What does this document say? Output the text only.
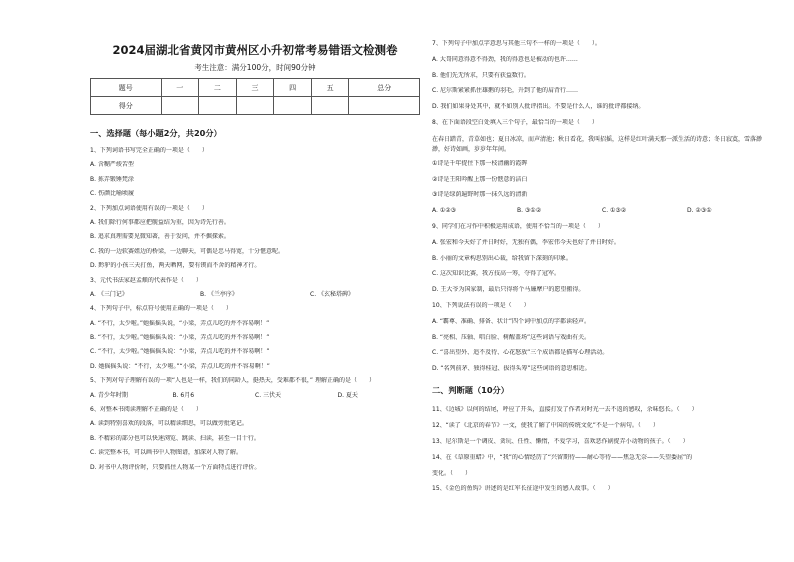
2024届湖北省黄冈市黄州区小升初常考易错语文检测卷
考生注意：满分100分，时间90分钟
题号	一	二	三	四	五	总分
得分						
一、选择题（每小题2分，共20分）
1、下列词语书写完全正确的一项是（　　）
A. 含糊严竣苦型
B. 拣弄锻锤梵涂
C. 伤颜比喻顷履
2、下列加点词语使用有误的一项是（　　）
A. 我们除行何事都应把舰益结为重，因为诗先行善。
B. 追求真理需要见微知著，善于发问，并不掘探索。
C. 我的一边软赛姐边的桥梁，一边聊天，可偶是忠马得宽，十分惬意呢。
D. 黔驴的小孩三天打鱼，两天晒网，要有锲而不舍的精神才行。
3、元代书法家赵孟頫的代表作是（　　）
A. 《三门记》	B. 《兰亭序》	C. 《玄秘塔碑》
4、下列句子中，标点符号使用正确的一项是（　　）
A. “不行，太少啦。”她摇摇头说，“小梁，弄点儿吃的并不容易啊！”
B. “不行，太少啦。”她摇摇头说：“小梁，弄点儿吃的并不容易啊！”
C. “不行，太少啦。”她摇摇头说：“小梁，弄点儿吃的并不容易啊！”
D. 她摇摇头说：“不行，太少啦。”“小梁，弄点儿吃的并不容易啊！”
5、下列对句子理解有误的一项“人也是一样，我们的同龄人，挺热天，受难都不很，” 理解正确的是（　　）
A. 青少年时期	B. 6月6	C. 三伏天	D. 夏天
6、对整本书阅读理解不正确的是（　　）
A. 读到特别喜欢的段落，可以精读细思，可以做旁批笔记。
B. 不精彩的部分也可以快速浏览、跳读、扫读，甚至一目十行。
C. 读完整本书，可以画书中人物图谱，加深对人物了解。
D. 对书中人物评价时，只要抓住人物某一个方面特点进行评价。
7、下列句子中加点字意思与其他三句不一样的一项是（　　）。
A. 大哥同意得意不得劲，我的得意也是被动的也许……
B. 他们先无所求，只要有获益数行。
C. 尼尔斯紧紧抓住雄鹅的羽毛，升到了他的肩背行……
D. 我们如果身处其中，就不如别人批评指出。不要是什么人，谁的批评都接纳。
8、在下面语段空白处填入三个句子，最恰当的一项是（　　）
在春日踏青，青草如也；夏日冰凉，而声清池；秋日看花，我叫招摇，这样是红叶满天那一派生活的诗意；冬日寂寞，雪落渺渺，好诗如画，岁岁年年间。
①诗是千年捉住下那一枝清幽的霞晖
②诗是王阳吟醒上那一份惬意的洁白
③诗是绿荫遍野时那一抹久远的清新
A. ①②③	B. ③①②	C. ①③②	D. ②③①
9、同学们在习作中积极运用成语，使用不恰当的一项是（　　）
A. 张宏和今天好了并日时好，无独有偶，李宏伟今天也好了并日时好。
B. 小丽的文章构思别出心裁，给我留下深刻的印象。
C. 这次知识比赛，我方技高一筹，夺得了冠军。
D. 王大爷为国家制，最后只得将个马廉摩户的愿望搬得。
10、下列说法有误的一项是（　　）
A. “霸尊、准确、排备、状计”四个词中加点的字都读轻声。
B. “亮相、压轴、唱白脸、树醒盖场”这些词语与戏曲有关。
C. “喜出望外、追不及待、心花怒放”三个成语都是描写心理活动。
D. “名列前茅、独得桂冠、拔得头筹”这些词语的意思相近。
二、判断题（10分）
11、《边城》以何的结尾，呼应了开头，直接打发了作者对时光一去不返的感叹，余味悠长。（　　）
12、“读了《北京的春节》一文，使我了解了中国的传统文化”不是一个病句。（　　）
13、尼尔斯是一个调皮、贪玩、任性、懒惰，不爱学习，喜欢恶作剧捉弄小动物的孩子。（　　）
14、在《草原重蜡》中，“我”的心情经历了“兴留期待——耐心等待——焦急无奈——失望委屈”的
变化。（　　）
15、《金色的鱼钩》讲述的是红军长征途中发生的感人故事。（　　）
